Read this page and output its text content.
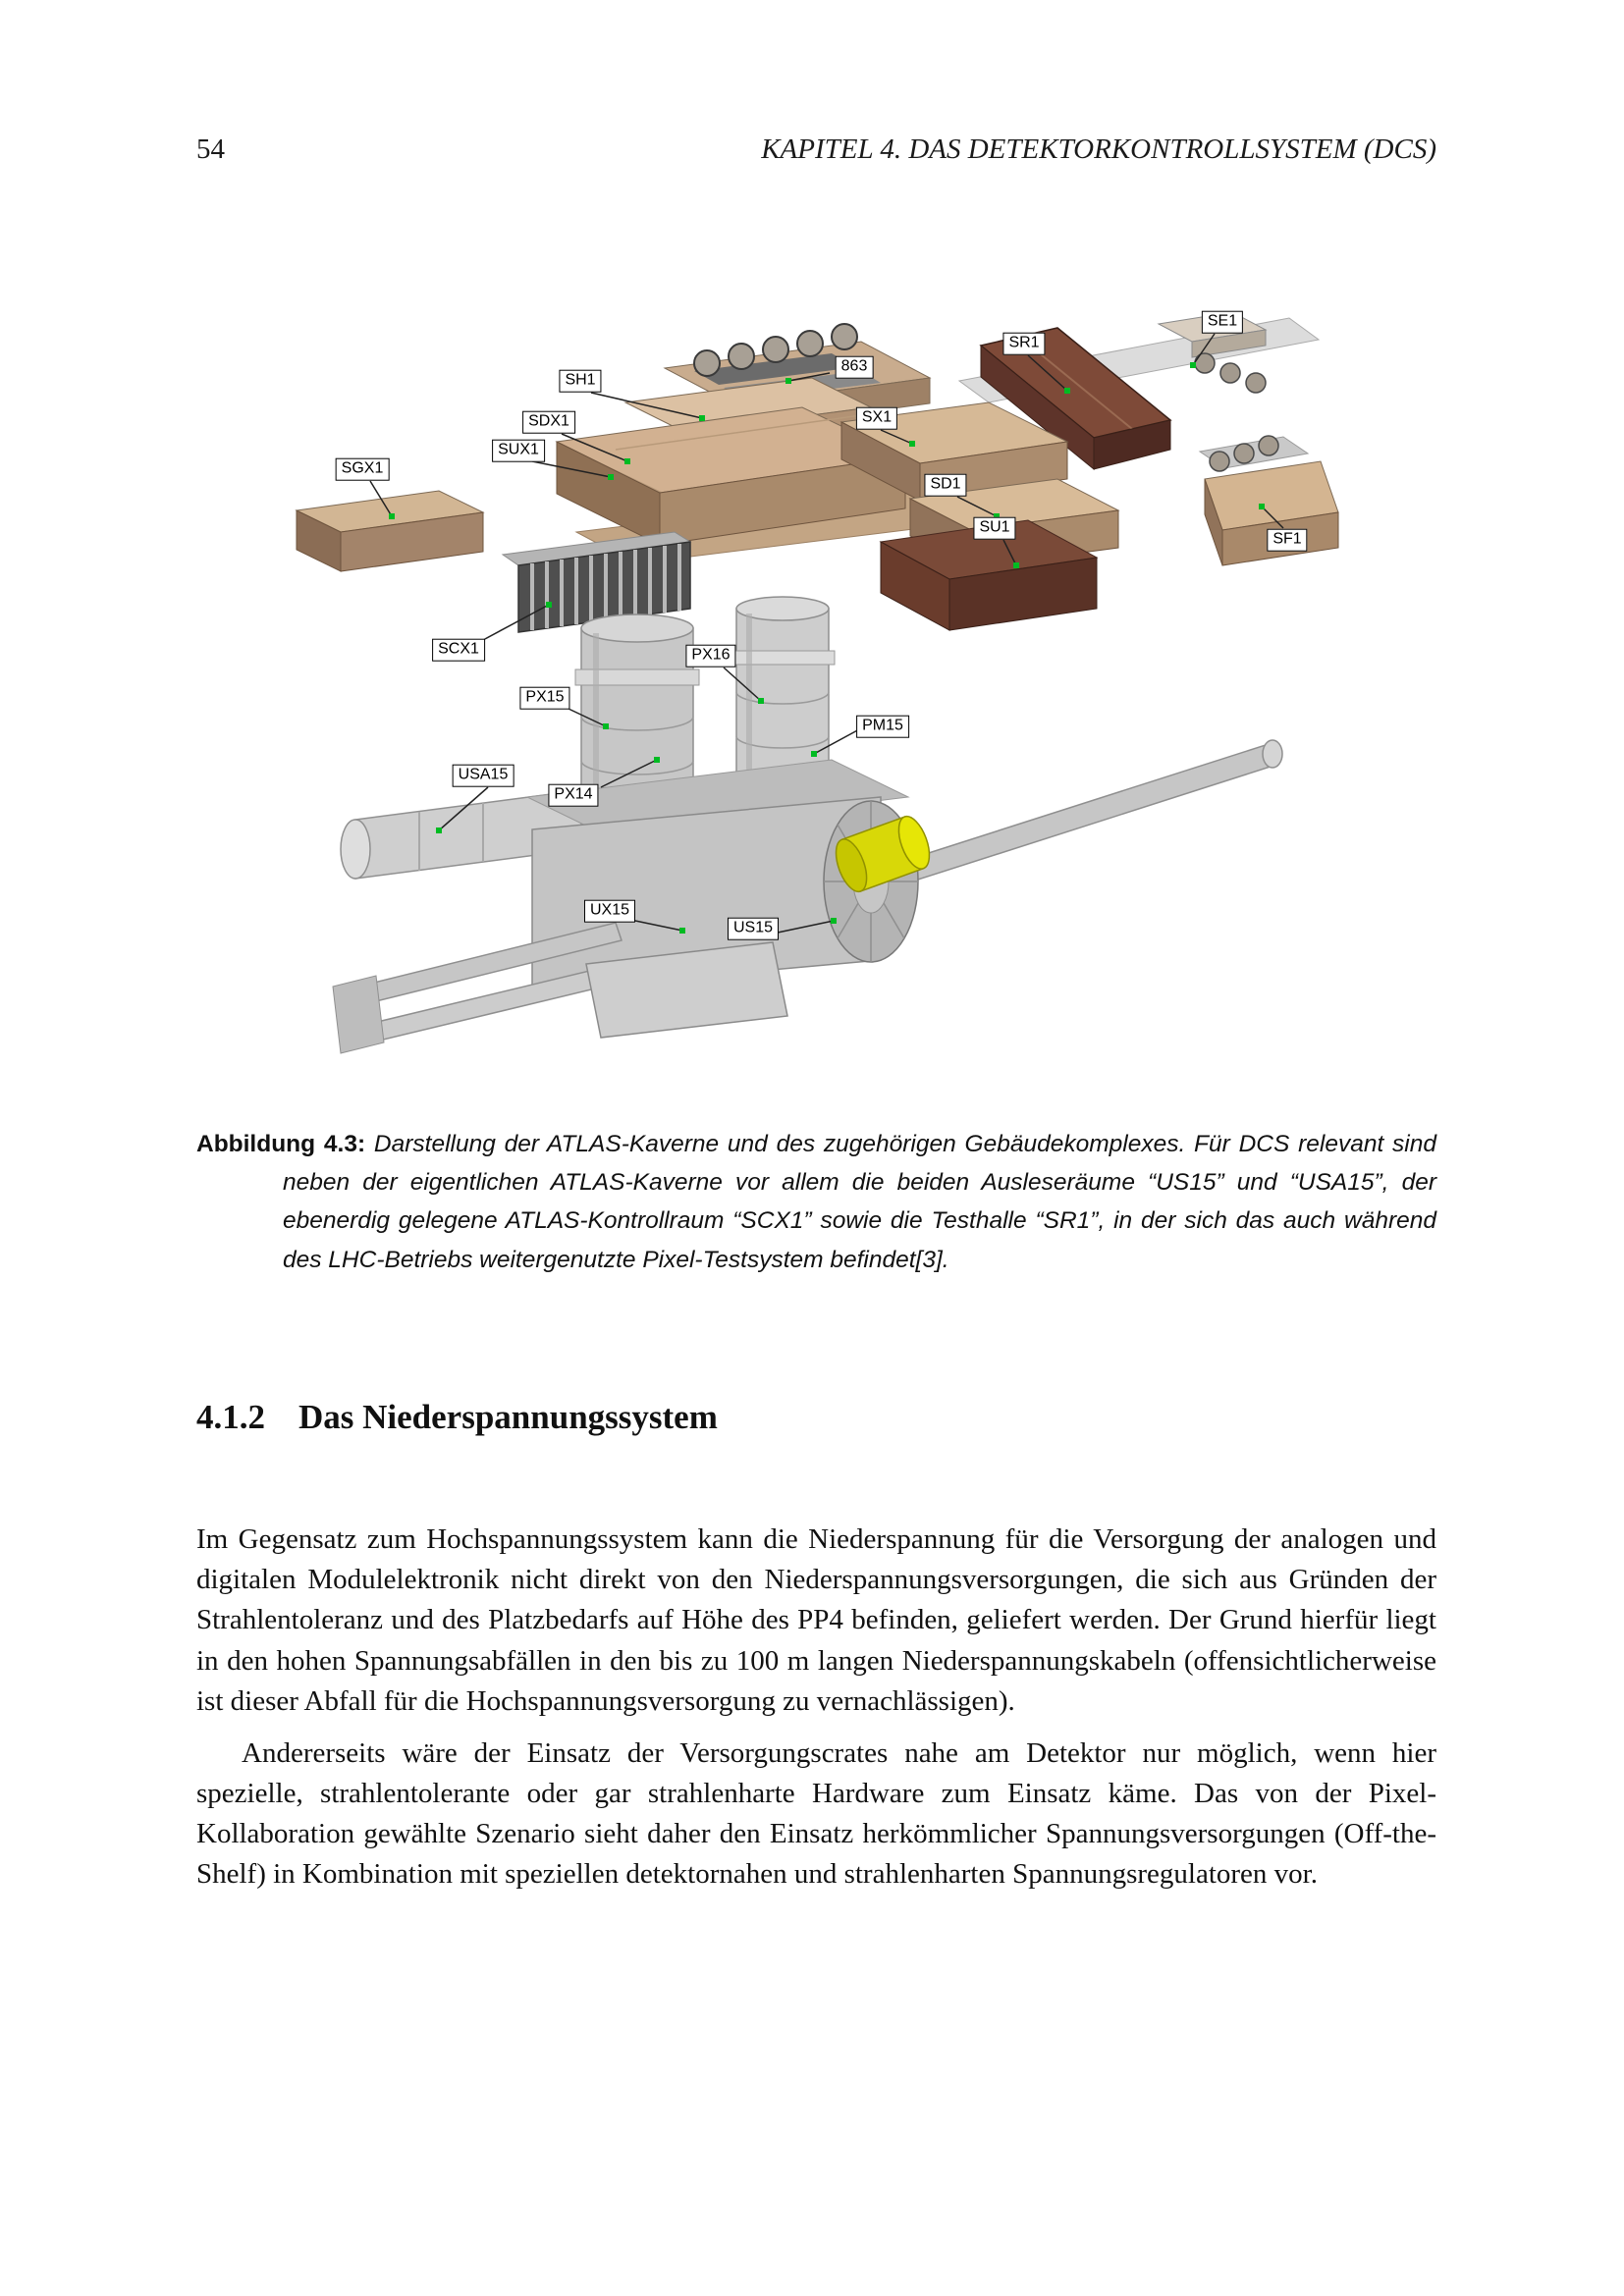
54	KAPITEL 4. DAS DETEKTORKONTROLLSYSTEM (DCS)
SE1
SR1
863
SH1
SDX1	SX1
SUX1
SGX1
SD1
SU1
SF1
SCX1	PX16
PX15
PM15
USA15
PX14
UX15
US15
Abbildung 4.3: Darstellung der ATLAS-Kaverne und des zugehörigen Gebäudekomplexes. Für DCS relevant sind neben der eigentlichen ATLAS-Kaverne vor allem die beiden Ausleseräume “US15” und “USA15”, der ebenerdig gelegene ATLAS-Kontrollraum “SCX1” sowie die Testhalle “SR1”, in der sich das auch während des LHC-Betriebs weitergenutzte Pixel-Testsystem befindet[3].
4.1.2 Das Niederspannungssystem

Im Gegensatz zum Hochspannungssystem kann die Niederspannung für die Versorgung der analogen und digitalen Modulelektronik nicht direkt von den Niederspannungsversorgungen, die sich aus Gründen der Strahlentoleranz und des Platzbedarfs auf Höhe des PP4 befinden, geliefert werden. Der Grund hierfür liegt in den hohen Spannungsabfällen in den bis zu 100 m langen Niederspannungskabeln (offensichtlicherweise ist dieser Abfall für die Hochspannungsversorgung zu vernachlässigen).

Andererseits wäre der Einsatz der Versorgungscrates nahe am Detektor nur möglich, wenn hier spezielle, strahlentolerante oder gar strahlenharte Hardware zum Einsatz käme. Das von der Pixel-Kollaboration gewählte Szenario sieht daher den Einsatz herkömmlicher Spannungsversorgungen (Off-the-Shelf) in Kombination mit speziellen detektornahen und strahlenharten Spannungsregulatoren vor.
